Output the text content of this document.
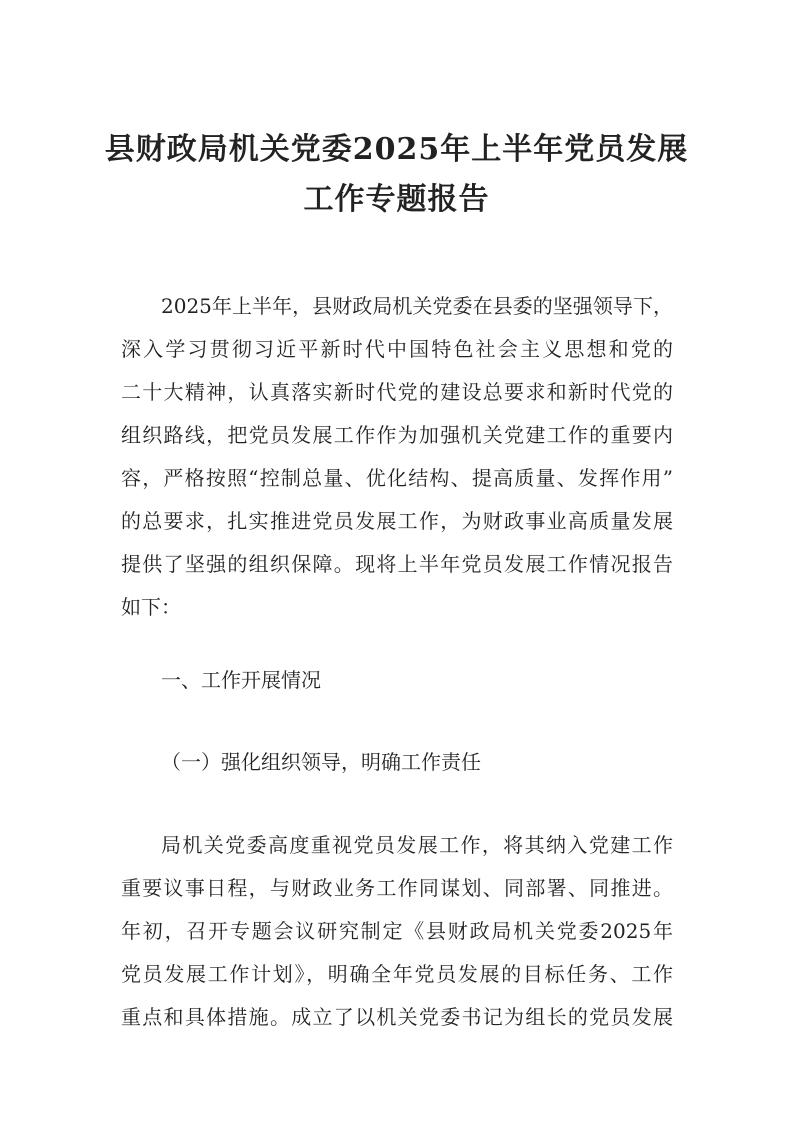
县财政局机关党委2025年上半年党员发展
工作专题报告
2025年上半年，县财政局机关党委在县委的坚强领导下，
深入学习贯彻习近平新时代中国特色社会主义思想和党的
二十大精神，认真落实新时代党的建设总要求和新时代党的
组织路线，把党员发展工作作为加强机关党建工作的重要内
容，严格按照“控制总量、优化结构、提高质量、发挥作用”
的总要求，扎实推进党员发展工作，为财政事业高质量发展
提供了坚强的组织保障。现将上半年党员发展工作情况报告
如下：
一、工作开展情况
（一）强化组织领导，明确工作责任
局机关党委高度重视党员发展工作，将其纳入党建工作
重要议事日程，与财政业务工作同谋划、同部署、同推进。
年初，召开专题会议研究制定《县财政局机关党委2025年
党员发展工作计划》，明确全年党员发展的目标任务、工作
重点和具体措施。成立了以机关党委书记为组长的党员发展
